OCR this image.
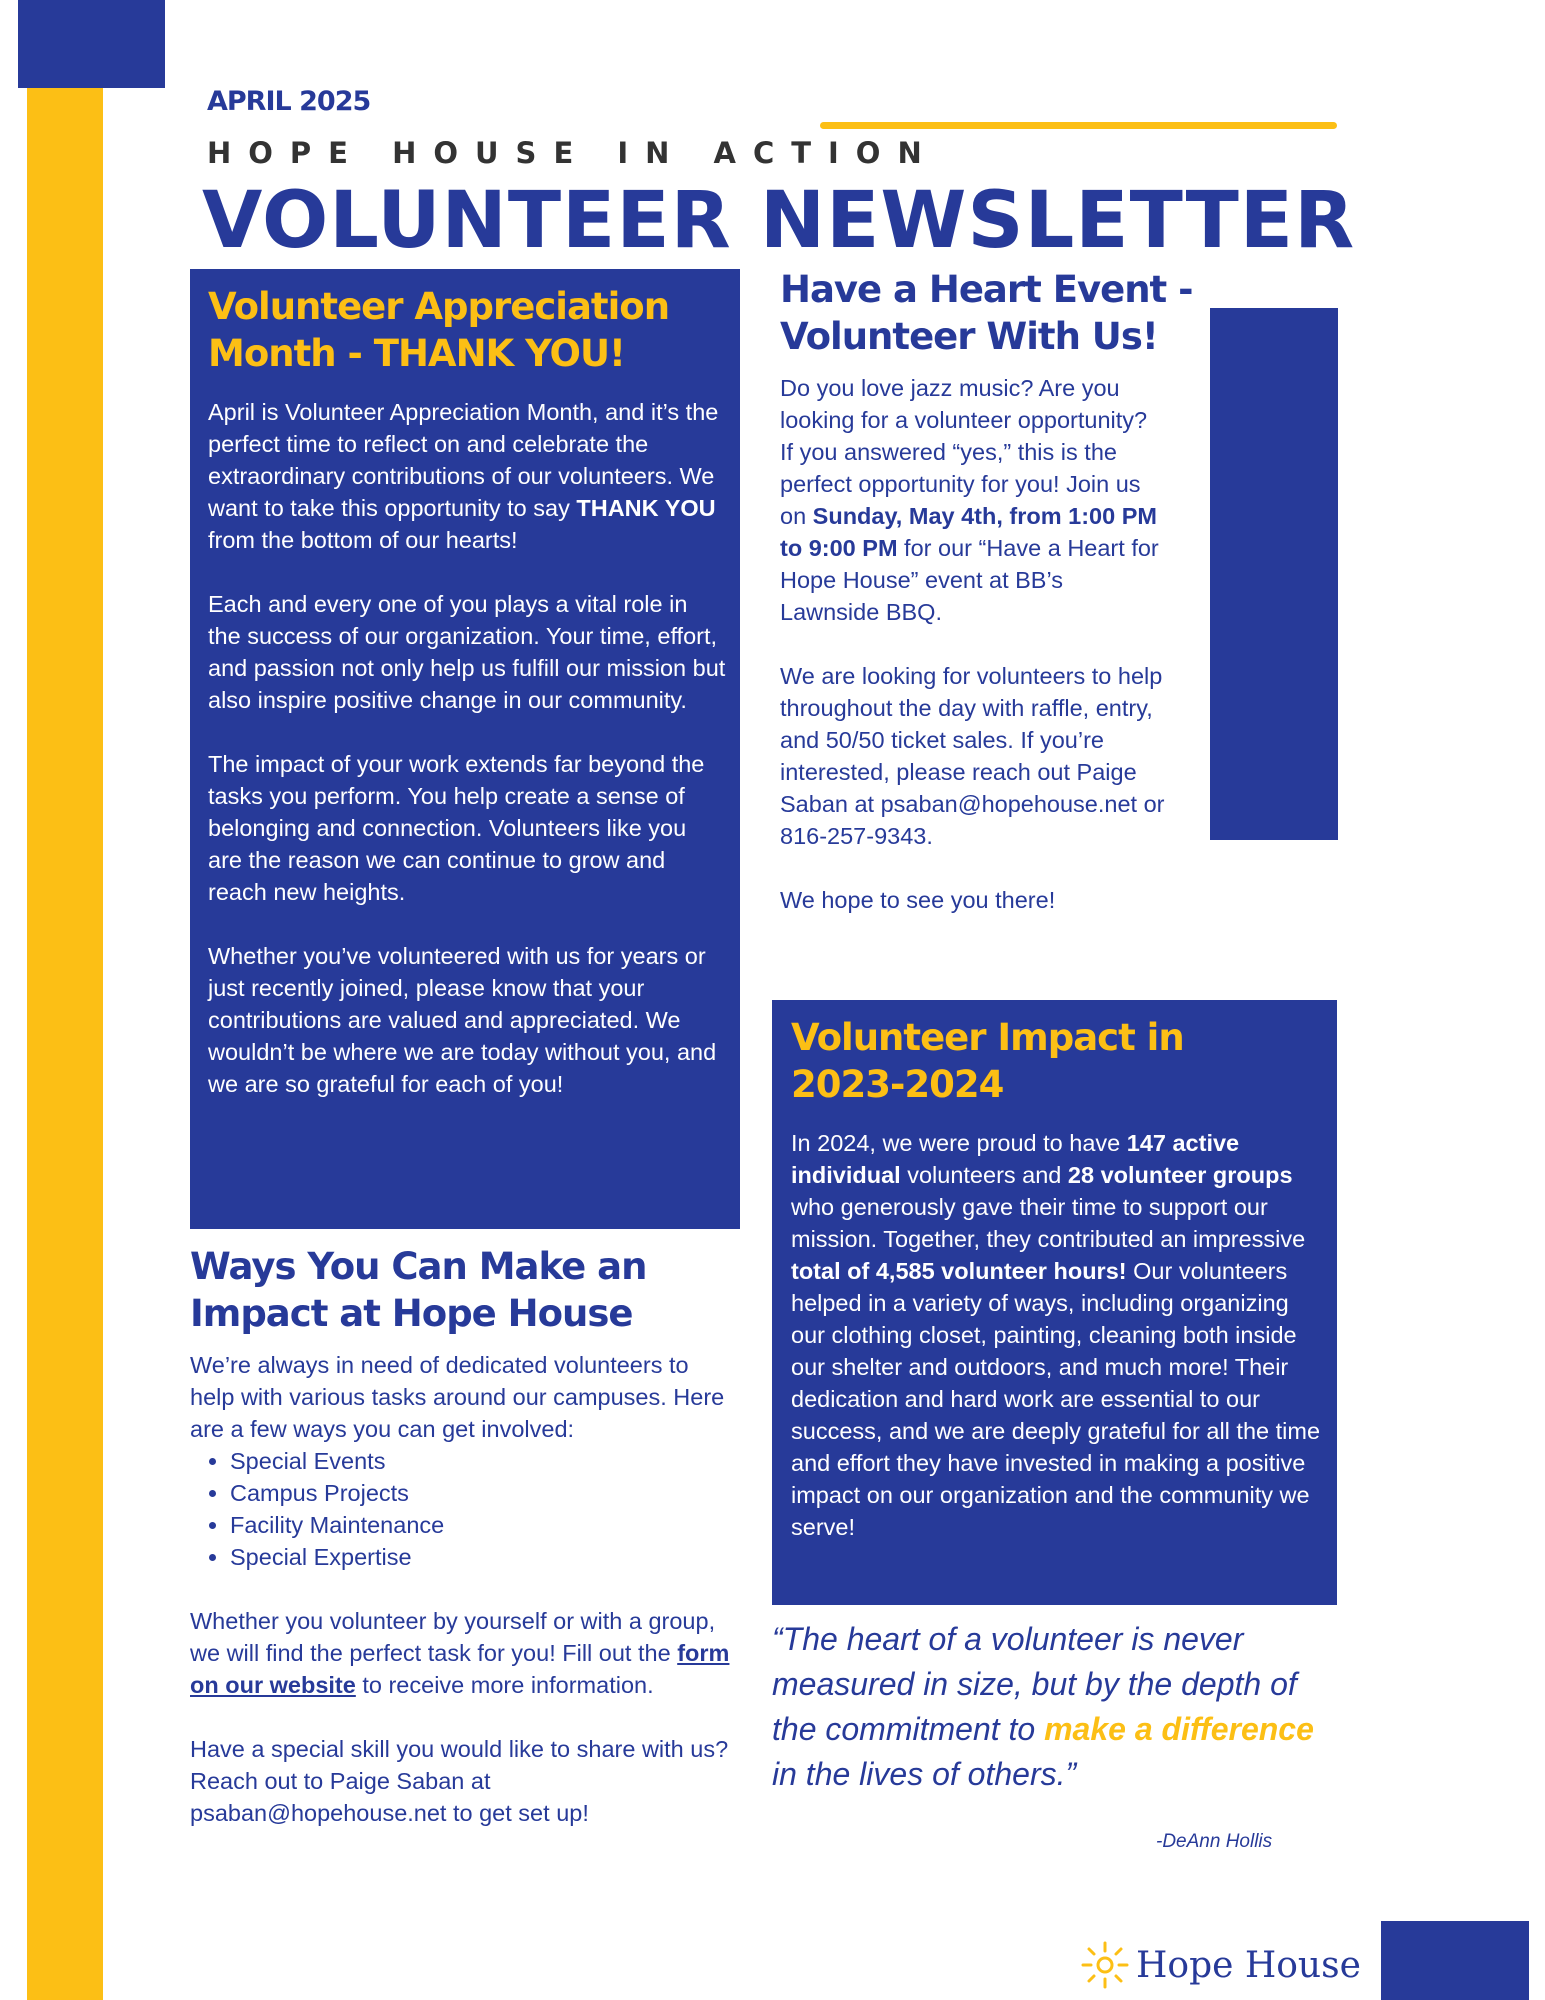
APRIL 2025
HOPE HOUSE IN ACTION
VOLUNTEER NEWSLETTER
Volunteer Appreciation
Month - THANK YOU!

April is Volunteer Appreciation Month, and it’s the perfect time to reflect on and celebrate the extraordinary contributions of our volunteers. We want to take this opportunity to say THANK YOU from the bottom of our hearts!

Each and every one of you plays a vital role in the success of our organization. Your time, effort, and passion not only help us fulfill our mission but also inspire positive change in our community.

The impact of your work extends far beyond the tasks you perform. You help create a sense of belonging and connection. Volunteers like you are the reason we can continue to grow and reach new heights.

Whether you’ve volunteered with us for years or just recently joined, please know that your contributions are valued and appreciated. We wouldn’t be where we are today without you, and we are so grateful for each of you!

Ways You Can Make an
Impact at Hope House

We’re always in need of dedicated volunteers to help with various tasks around our campuses. Here are a few ways you can get involved:

• Special Events
• Campus Projects
• Facility Maintenance
• Special Expertise

Whether you volunteer by yourself or with a group, we will find the perfect task for you! Fill out the form on our website to receive more information.

Have a special skill you would like to share with us? Reach out to Paige Saban at psaban@hopehouse.net to get set up!

Have a Heart Event -
Volunteer With Us!

Do you love jazz music? Are you looking for a volunteer opportunity? If you answered “yes,” this is the perfect opportunity for you! Join us on Sunday, May 4th, from 1:00 PM to 9:00 PM for our “Have a Heart for Hope House” event at BB’s Lawnside BBQ.

We are looking for volunteers to help throughout the day with raffle, entry, and 50/50 ticket sales. If you’re interested, please reach out Paige Saban at psaban@hopehouse.net or 816-257-9343.

We hope to see you there!

Volunteer Impact in
2023-2024

In 2024, we were proud to have 147 active individual volunteers and 28 volunteer groups who generously gave their time to support our mission. Together, they contributed an impressive total of 4,585 volunteer hours! Our volunteers helped in a variety of ways, including organizing our clothing closet, painting, cleaning both inside our shelter and outdoors, and much more! Their dedication and hard work are essential to our success, and we are deeply grateful for all the time and effort they have invested in making a positive impact on our organization and the community we serve!

“The heart of a volunteer is never measured in size, but by the depth of the commitment to make a difference in the lives of others.”
-DeAnn Hollis
Hope House
